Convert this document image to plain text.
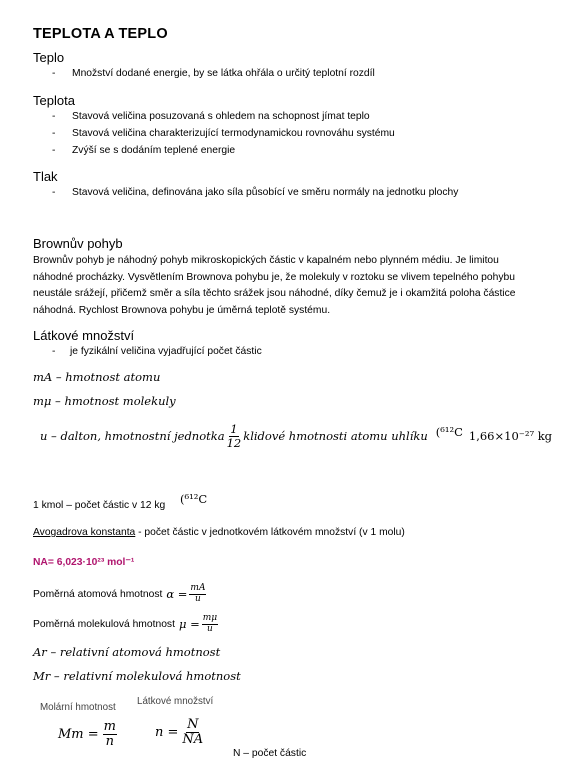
TEPLOTA A TEPLO
Teplo
- Množství dodané energie, by se látka ohřála o určitý teplotní rozdíl
Teplota
- Stavová veličina posuzovaná s ohledem na schopnost jímat teplo
- Stavová veličina charakterizující termodynamickou rovnováhu systému
- Zvýší se s dodáním teplené energie
Tlak
- Stavová veličina, definována jako síla působící ve směru normály na jednotku plochy
Brownův pohyb
Brownův pohyb je náhodný pohyb mikroskopických částic v kapalném nebo plynném médiu. Je limitou náhodné procházky. Vysvětlením Brownova pohybu je, že molekuly v roztoku se vlivem tepelného pohybu neustále srážejí, přičemž směr a síla těchto srážek jsou náhodné, díky čemuž je i okamžitá poloha částice náhodná. Rychlost Brownova pohybu je úměrná teplotě systému.
Látkové množství
- je fyzikální veličina vyjadřující počet částic
mA – hmotnost atomu
mμ – hmotnost molekuly
u – dalton, hmotnostní jednotka $\frac{1}{12}$ klidové hmotnosti atomu uhlíku (⁶¹²C 1,66×10⁻²⁷ kg
1 kmol – počet částic v 12 kg (⁶¹²C
Avogadrova konstanta - počet částic v jednotkovém látkovém množství (v 1 molu)
NA= 6,023·10²³ mol⁻¹
Poměrná atomová hmotnost $\alpha = \frac{mA}{u}$
Poměrná molekulová hmotnost $\mu = \frac{m\mu}{u}$
Ar – relativní atomová hmotnost
Mr – relativní molekulová hmotnost
Molární hmotnost
Látkové množství
$Mm = \frac{m}{n}$	$n = \frac{N}{NA}$
N – počet částic
